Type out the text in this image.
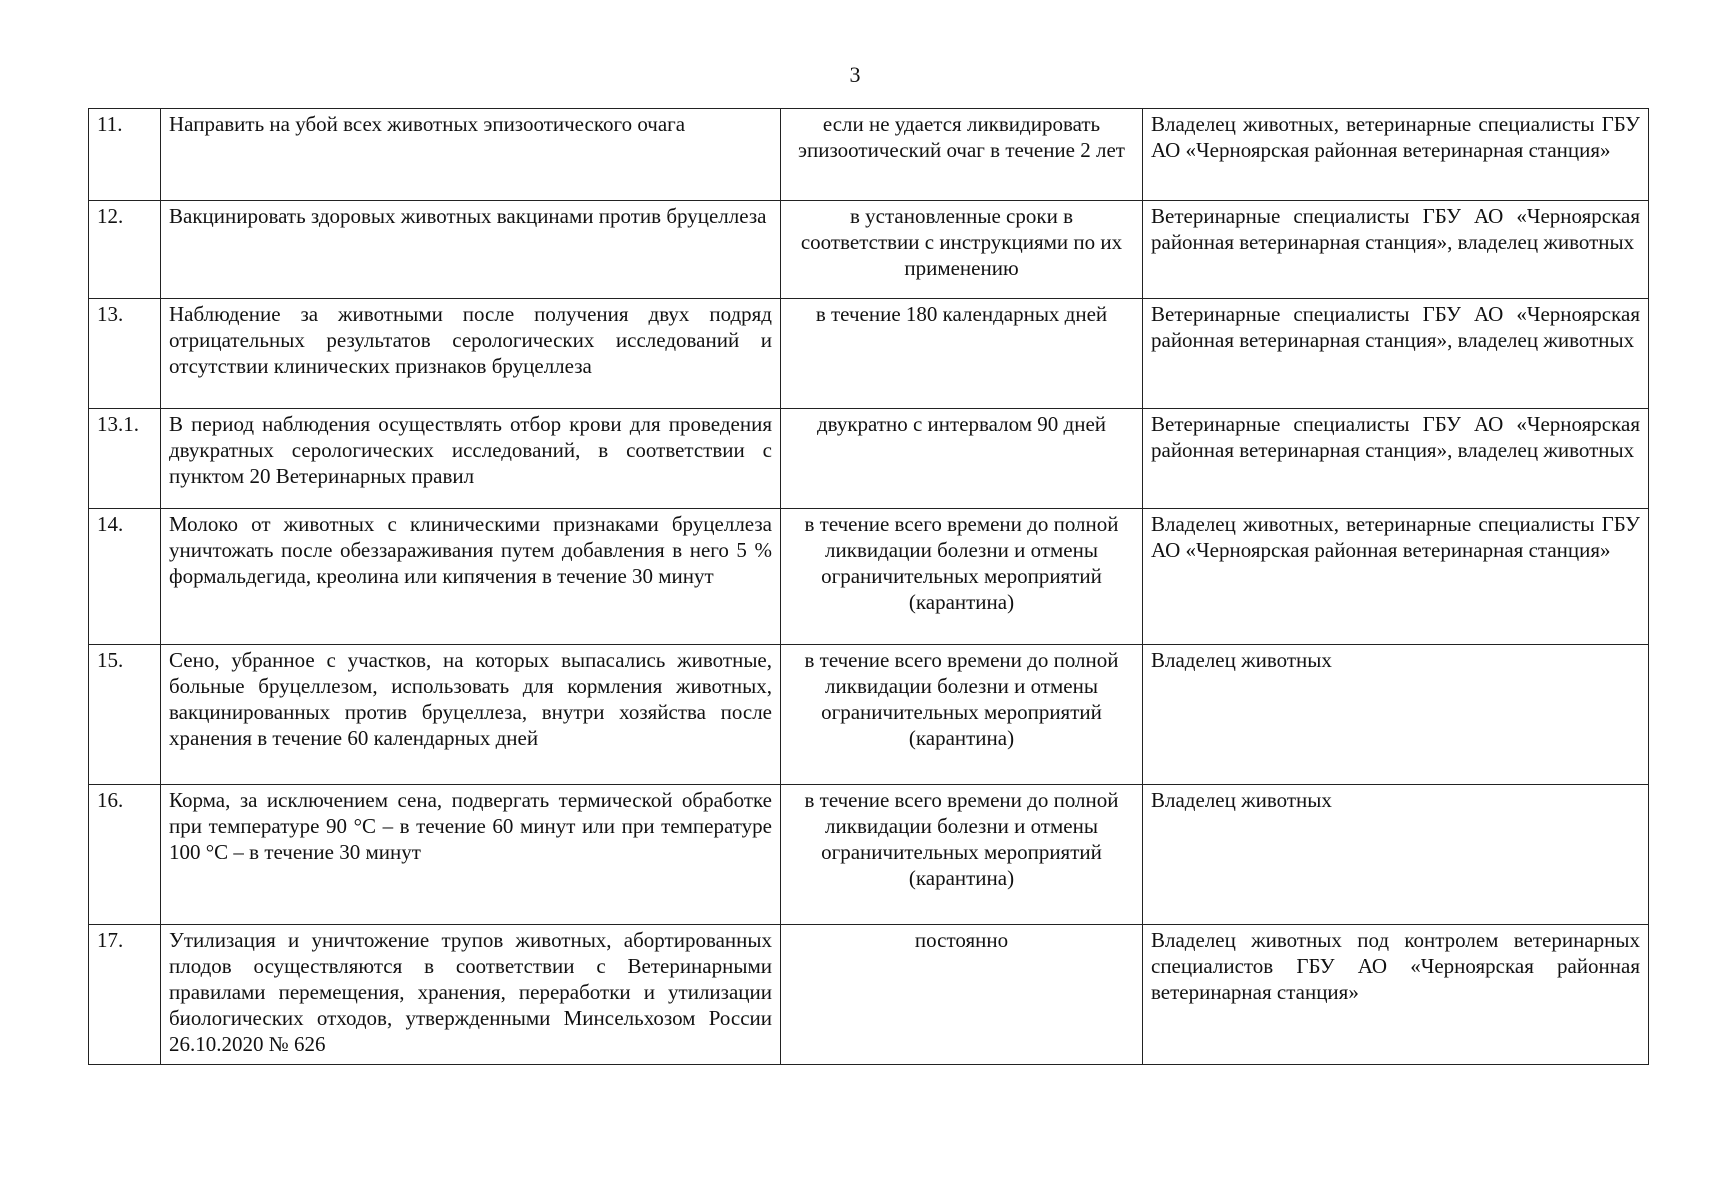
3
11.	Направить на убой всех животных эпизоотического очага	если не удается ликвидировать эпизоотический очаг в течение 2 лет	Владелец животных, ветеринарные специалисты ГБУ АО «Черноярская районная ветеринарная станция»
12.	Вакцинировать здоровых животных вакцинами против бруцеллеза	в установленные сроки в соответствии с инструкциями по их применению	Ветеринарные специалисты ГБУ АО «Черноярская районная ветеринарная станция», владелец животных
13.	Наблюдение за животными после получения двух подряд отрицательных результатов серологических исследований и отсутствии клинических признаков бруцеллеза	в течение 180 календарных дней	Ветеринарные специалисты ГБУ АО «Черноярская районная ветеринарная станция», владелец животных
13.1.	В период наблюдения осуществлять отбор крови для проведения двукратных серологических исследований, в соответствии с пунктом 20 Ветеринарных правил	двукратно с интервалом 90 дней	Ветеринарные специалисты ГБУ АО «Черноярская районная ветеринарная станция», владелец животных
14.	Молоко от животных с клиническими признаками бруцеллеза уничтожать после обеззараживания путем добавления в него 5 % формальдегида, креолина или кипячения в течение 30 минут	в течение всего времени до полной ликвидации болезни и отмены ограничительных мероприятий (карантина)	Владелец животных, ветеринарные специалисты ГБУ АО «Черноярская районная ветеринарная станция»
15.	Сено, убранное с участков, на которых выпасались животные, больные бруцеллезом, использовать для кормления животных, вакцинированных против бруцеллеза, внутри хозяйства после хранения в течение 60 календарных дней	в течение всего времени до полной ликвидации болезни и отмены ограничительных мероприятий (карантина)	Владелец животных
16.	Корма, за исключением сена, подвергать термической обработке при температуре 90 °С – в течение 60 минут или при температуре 100 °С – в течение 30 минут	в течение всего времени до полной ликвидации болезни и отмены ограничительных мероприятий (карантина)	Владелец животных
17.	Утилизация и уничтожение трупов животных, абортированных плодов осуществляются в соответствии с Ветеринарными правилами перемещения, хранения, переработки и утилизации биологических отходов, утвержденными Минсельхозом России 26.10.2020 № 626	постоянно	Владелец животных под контролем ветеринарных специалистов ГБУ АО «Черноярская районная ветеринарная станция»
